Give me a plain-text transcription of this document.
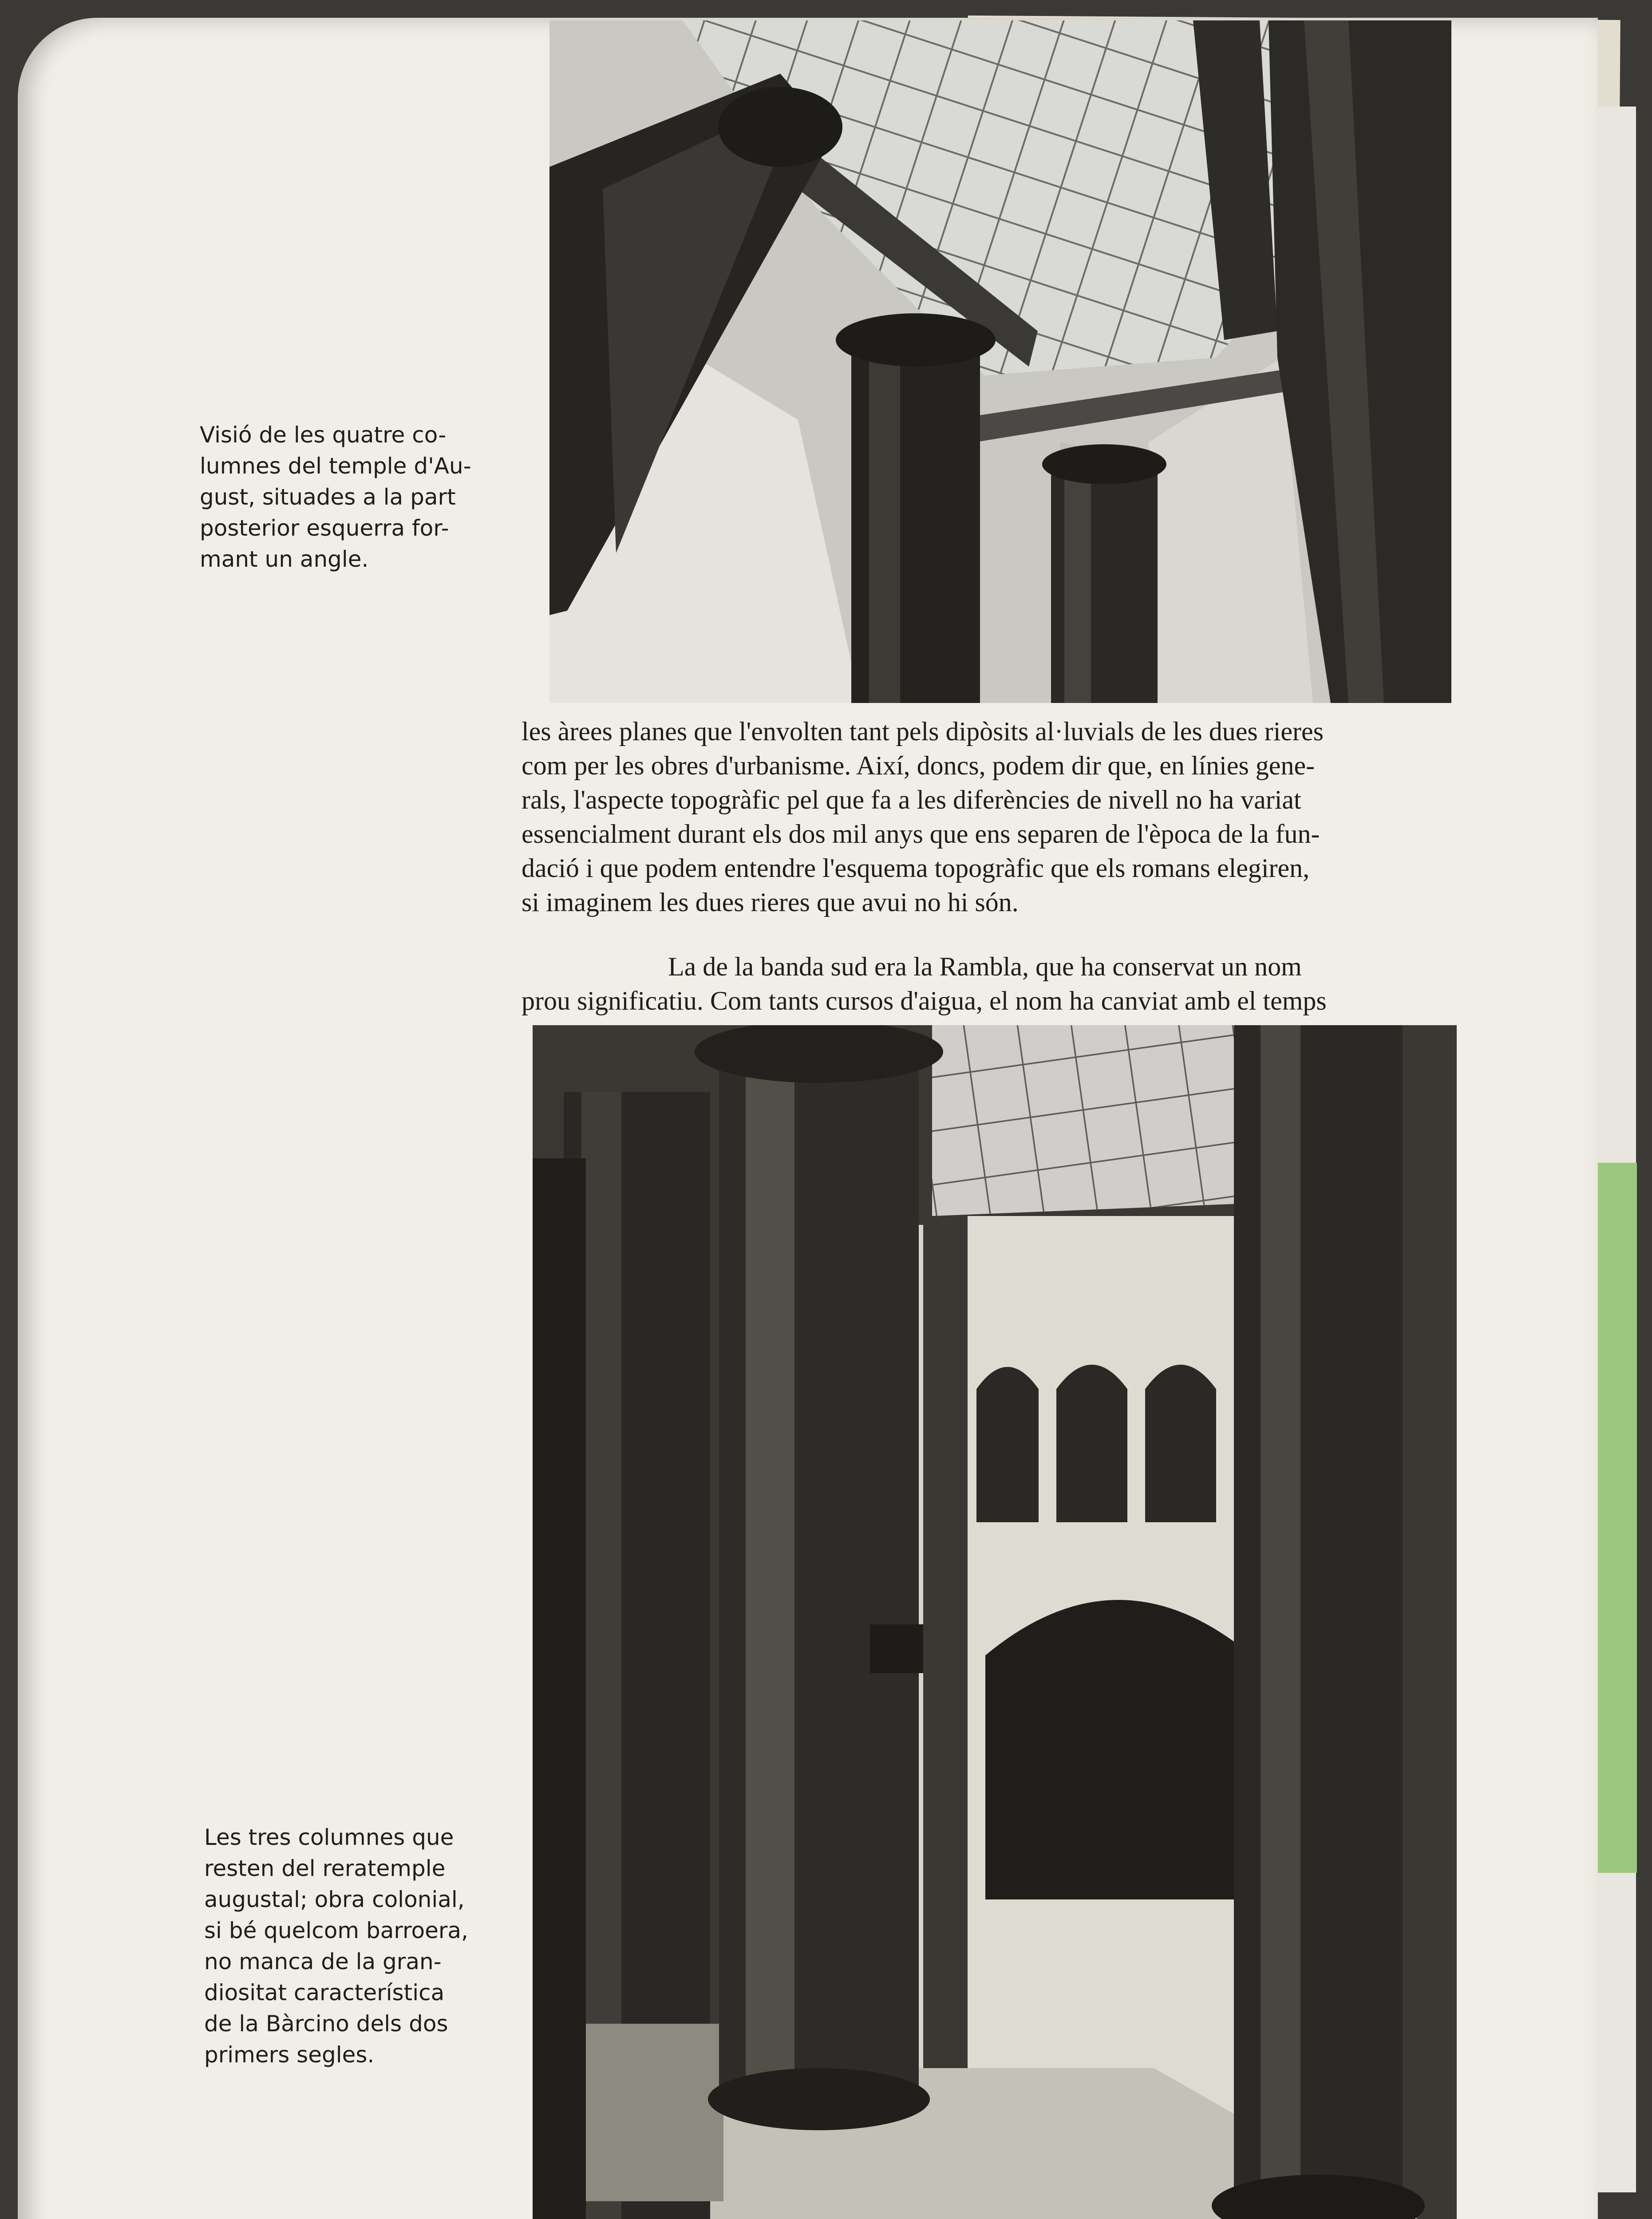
Visió de les quatre co-
lumnes del temple d'Au-
gust, situades a la part
posterior esquerra for-
mant un angle.

les àrees planes que l'envolten tant pels dipòsits al·luvials de les dues rieres
com per les obres d'urbanisme. Així, doncs, podem dir que, en línies gene-
rals, l'aspecte topogràfic pel que fa a les diferències de nivell no ha variat
essencialment durant els dos mil anys que ens separen de l'època de la fun-
dació i que podem entendre l'esquema topogràfic que els romans elegiren,
si imaginem les dues rieres que avui no hi són.

La de la banda sud era la Rambla, que ha conservat un nom
prou significatiu. Com tants cursos d'aigua, el nom ha canviat amb el temps

Les tres columnes que
resten del reratemple
augustal; obra colonial,
si bé quelcom barroera,
no manca de la gran-
diositat característica
de la Bàrcino dels dos
primers segles.
